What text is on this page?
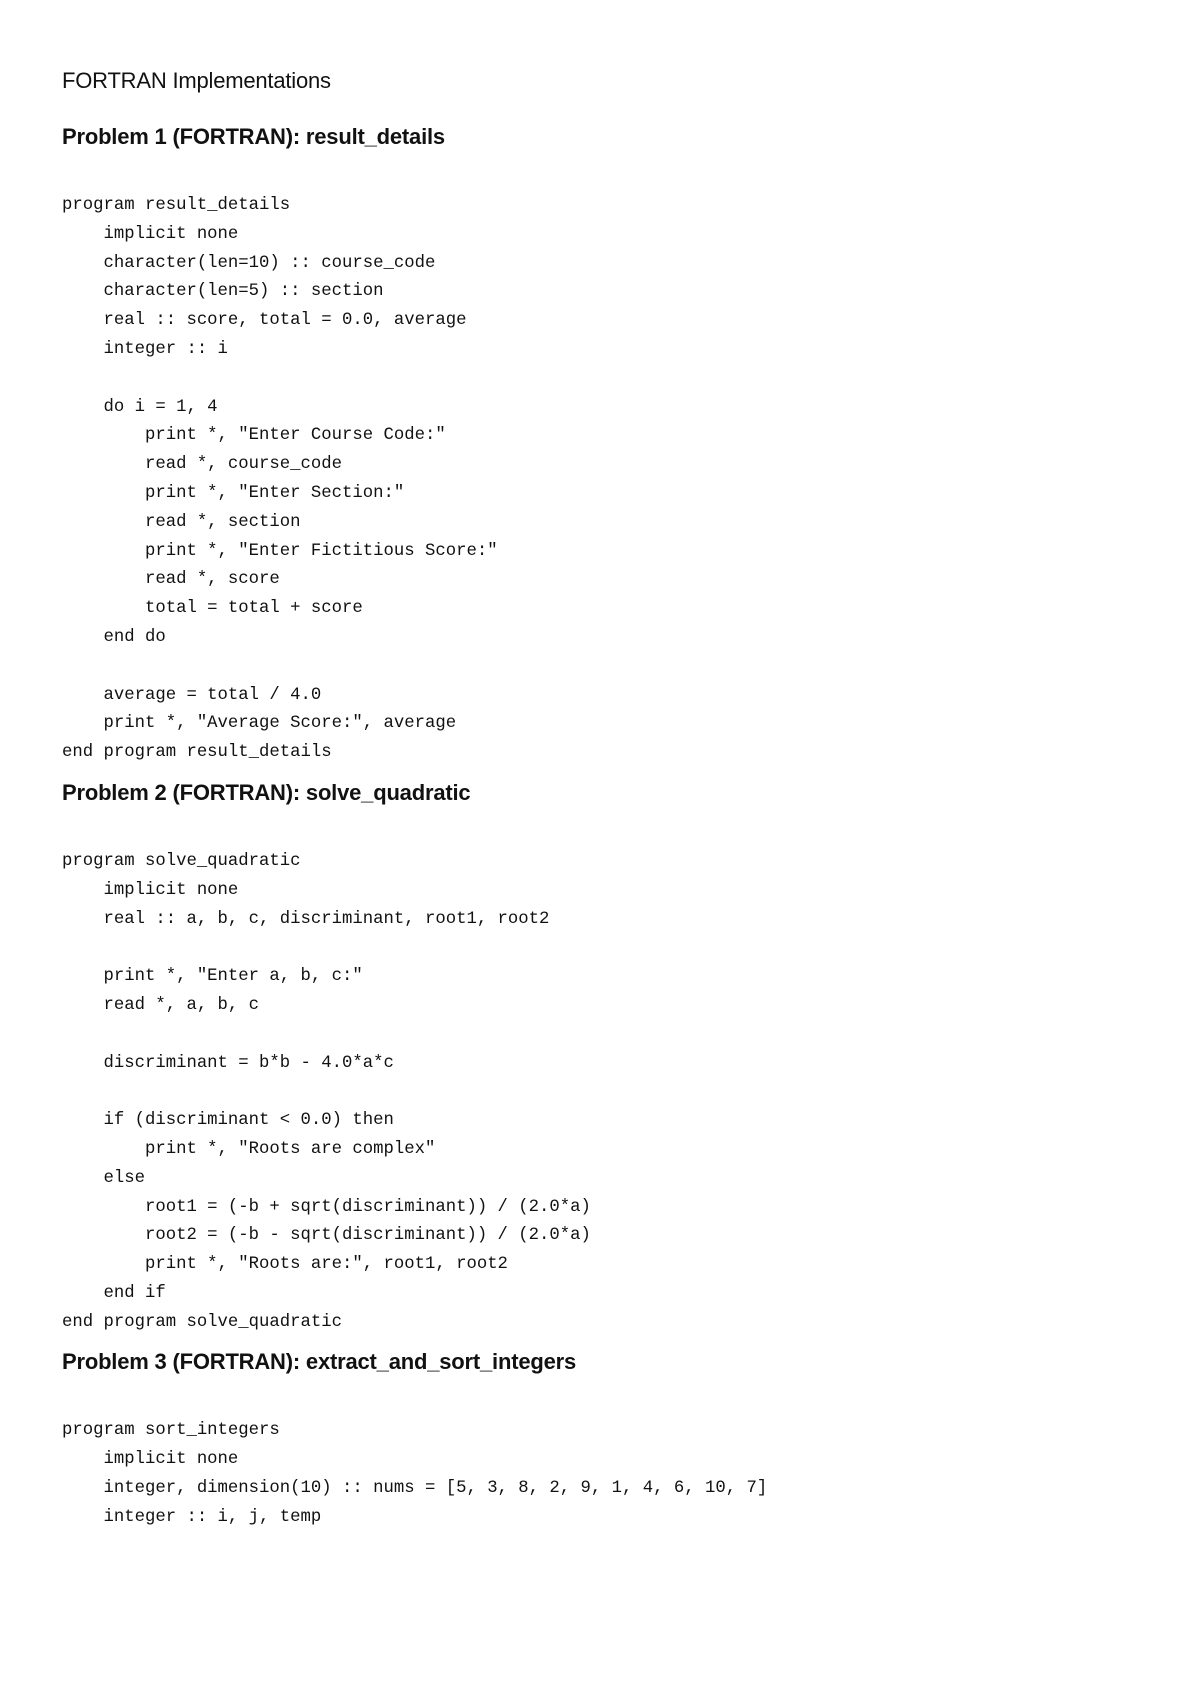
FORTRAN Implementations
Problem 1 (FORTRAN): result_details
program result_details
implicit none
character(len=10) :: course_code
character(len=5) :: section
real :: score, total = 0.0, average
integer :: i
do i = 1, 4
print *, "Enter Course Code:"
read *, course_code
print *, "Enter Section:"
read *, section
print *, "Enter Fictitious Score:"
read *, score
total = total + score
end do
average = total / 4.0
print *, "Average Score:", average
end program result_details
Problem 2 (FORTRAN): solve_quadratic
program solve_quadratic
implicit none
real :: a, b, c, discriminant, root1, root2
print *, "Enter a, b, c:"
read *, a, b, c
discriminant = b*b - 4.0*a*c
if (discriminant < 0.0) then
print *, "Roots are complex"
else
root1 = (-b + sqrt(discriminant)) / (2.0*a)
root2 = (-b - sqrt(discriminant)) / (2.0*a)
print *, "Roots are:", root1, root2
end if
end program solve_quadratic
Problem 3 (FORTRAN): extract_and_sort_integers
program sort_integers
implicit none
integer, dimension(10) :: nums = [5, 3, 8, 2, 9, 1, 4, 6, 10, 7]
integer :: i, j, temp
